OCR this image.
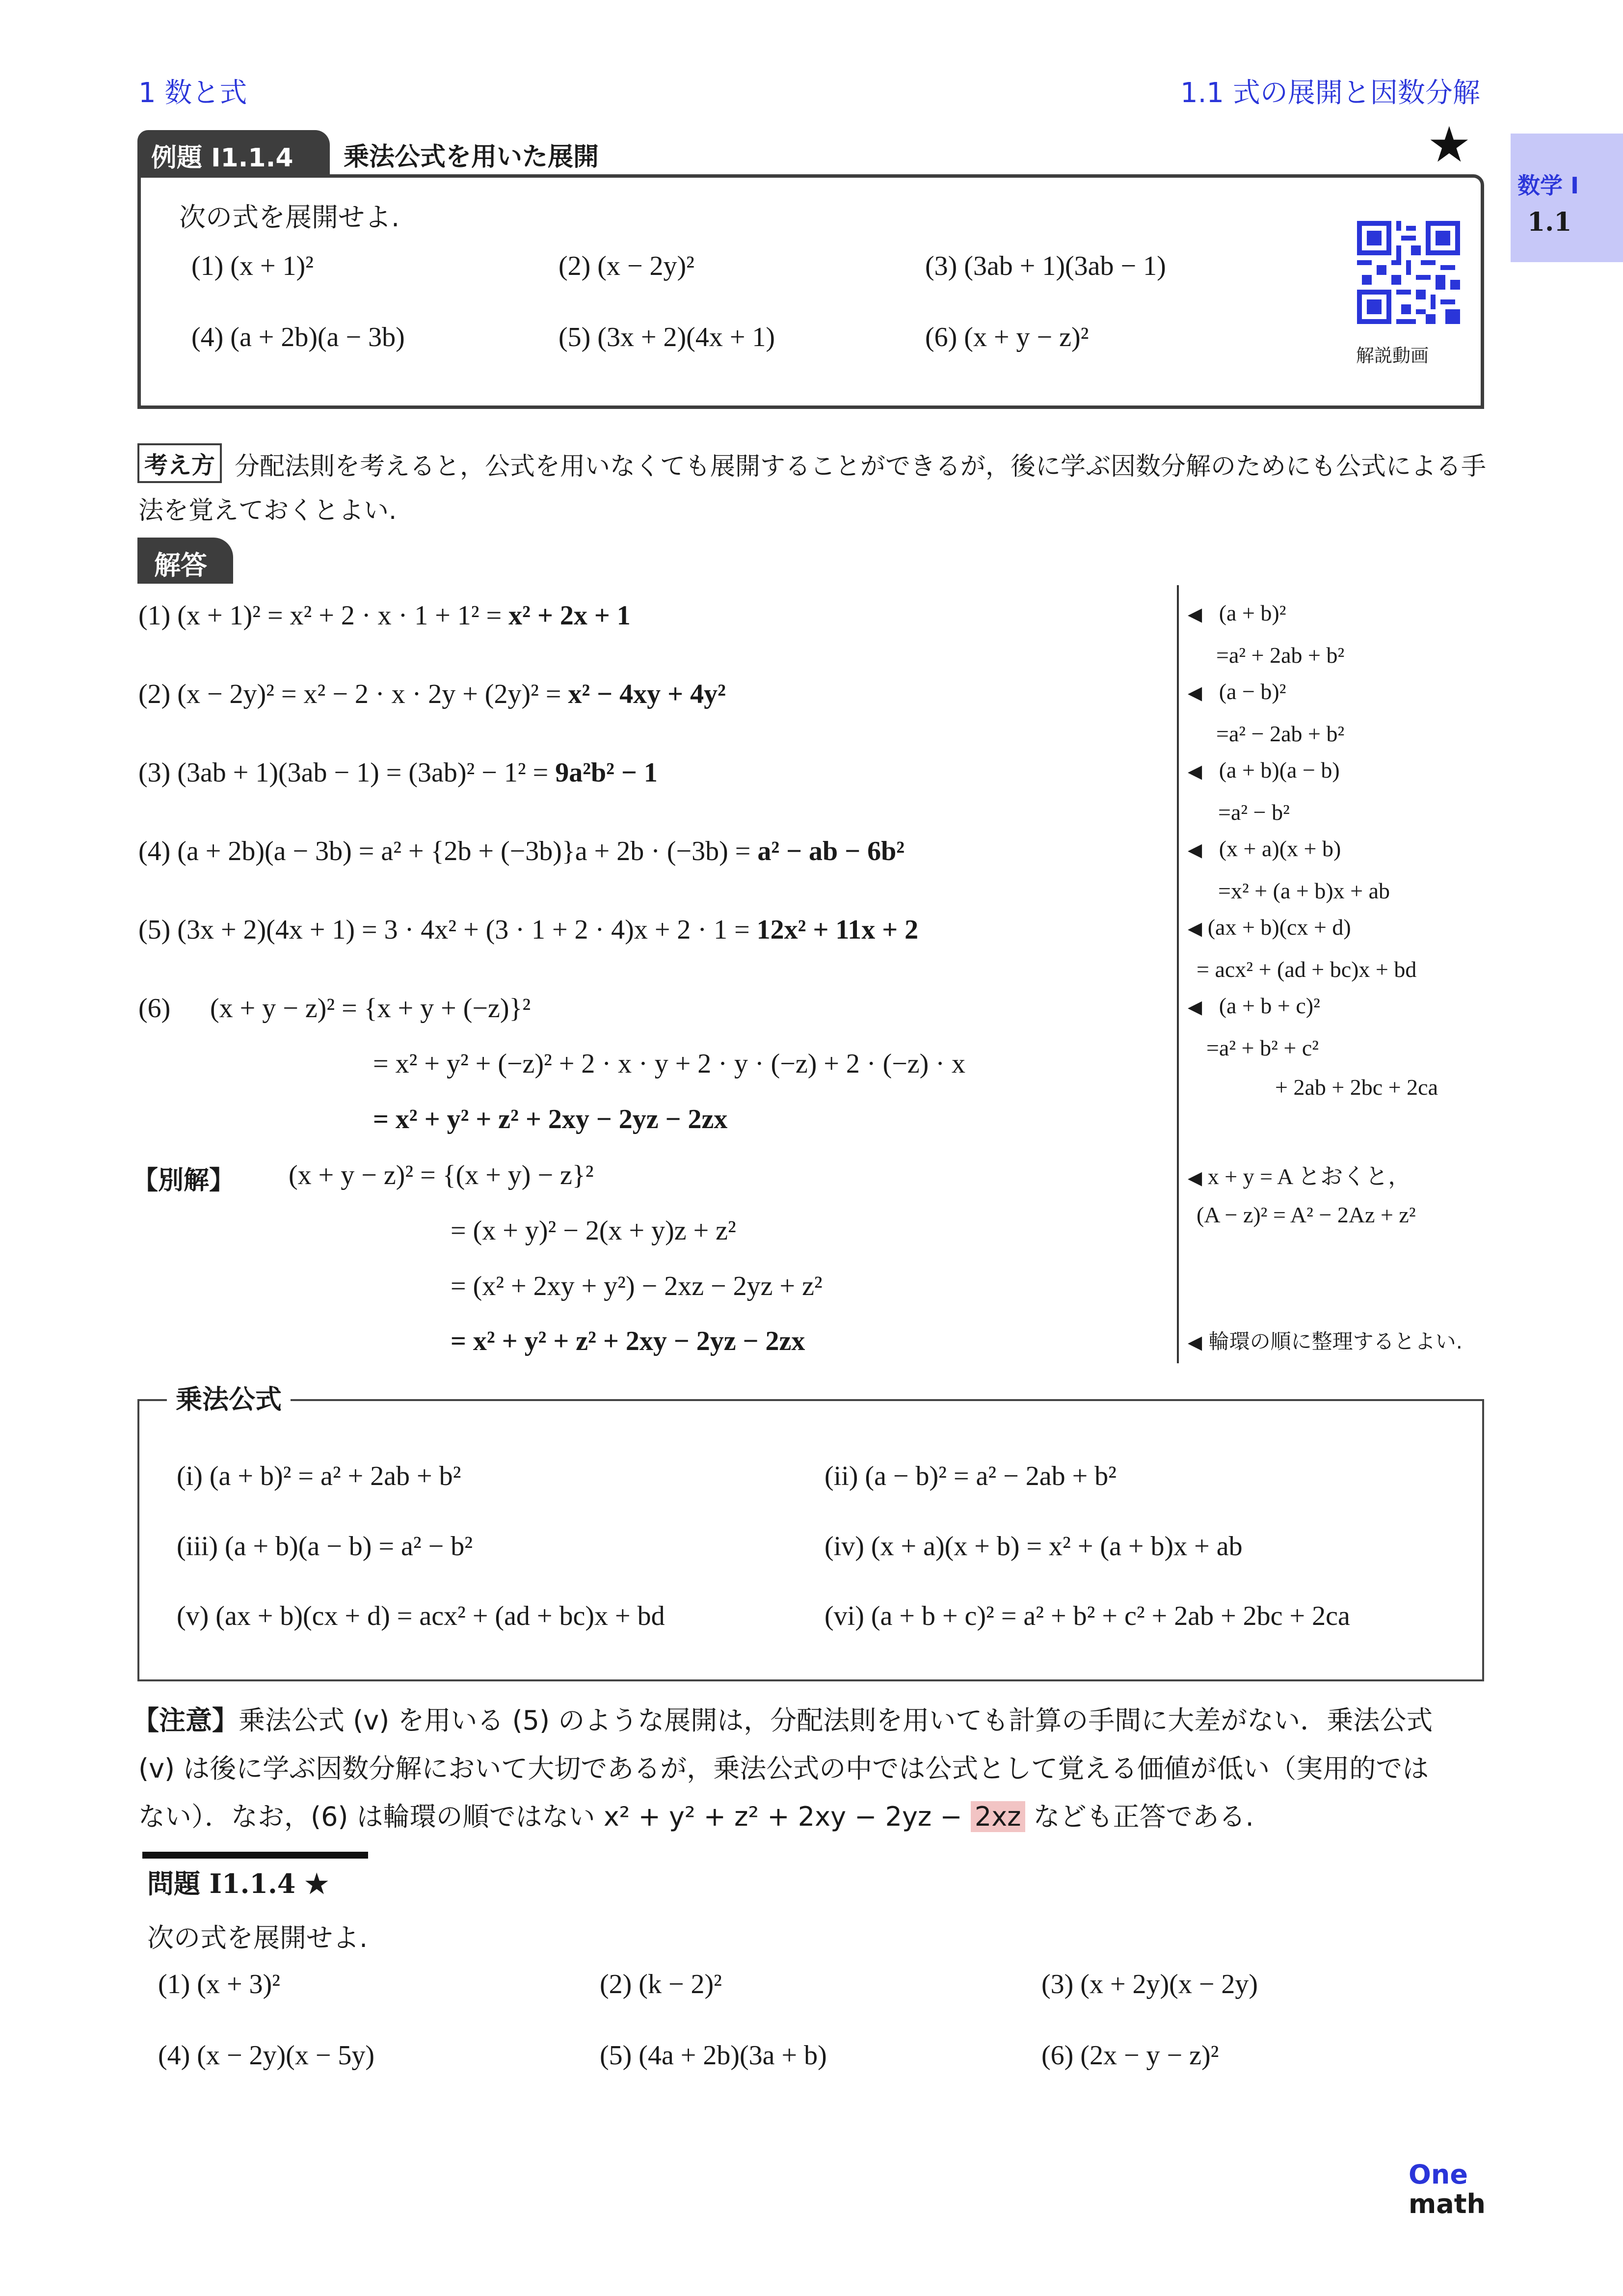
1 数と式	1.1 式の展開と因数分解
数学 I
1.1
例題 I1.1.4 乗法公式を用いた展開	★
次の式を展開せよ.
(1) (x + 1)²	(2) (x − 2y)²	(3) (3ab + 1)(3ab − 1)
(4) (a + 2b)(a − 3b)	(5) (3x + 2)(4x + 1)	(6) (x + y − z)²
解説動画
考え方 分配法則を考えると，公式を用いなくても展開することができるが，後に学ぶ因数分解のためにも公式による手
法を覚えておくとよい.
解答
(1) (x + 1)² = x² + 2 · x · 1 + 1² = x² + 2x + 1
(2) (x − 2y)² = x² − 2 · x · 2y + (2y)² = x² − 4xy + 4y²
(3) (3ab + 1)(3ab − 1) = (3ab)² − 1² = 9a²b² − 1
(4) (a + 2b)(a − 3b) = a² + {2b + (−3b)}a + 2b · (−3b) = a² − ab − 6b²
(5) (3x + 2)(4x + 1) = 3 · 4x² + (3 · 1 + 2 · 4)x + 2 · 1 = 12x² + 11x + 2
(6) (x + y − z)² = {x + y + (−z)}²
= x² + y² + (−z)² + 2 · x · y + 2 · y · (−z) + 2 · (−z) · x
= x² + y² + z² + 2xy − 2yz − 2zx
【別解】 (x + y − z)² = {(x + y) − z}²
= (x + y)² − 2(x + y)z + z²
= (x² + 2xy + y²) − 2xz − 2yz + z²
= x² + y² + z² + 2xy − 2yz − 2zx
◀ (a + b)²
=a² + 2ab + b²
◀ (a − b)²
=a² − 2ab + b²
◀ (a + b)(a − b)
=a² − b²
◀ (x + a)(x + b)
=x² + (a + b)x + ab
◀ (ax + b)(cx + d)
= acx² + (ad + bc)x + bd
◀ (a + b + c)²
=a² + b² + c²
+ 2ab + 2bc + 2ca
◀ x + y = A とおくと，
(A − z)² = A² − 2Az + z²
◀ 輪環の順に整理するとよい.
乗法公式
(i) (a + b)² = a² + 2ab + b²	(ii) (a − b)² = a² − 2ab + b²
(iii) (a + b)(a − b) = a² − b²	(iv) (x + a)(x + b) = x² + (a + b)x + ab
(v) (ax + b)(cx + d) = acx² + (ad + bc)x + bd	(vi) (a + b + c)² = a² + b² + c² + 2ab + 2bc + 2ca
【注意】乗法公式 (v) を用いる (5) のような展開は，分配法則を用いても計算の手間に大差がない．乗法公式
(v) は後に学ぶ因数分解において大切であるが，乗法公式の中では公式として覚える価値が低い（実用的では
ない）．なお，(6) は輪環の順ではない x² + y² + z² + 2xy − 2yz − 2xz なども正答である.
問題 I1.1.4 ★
次の式を展開せよ.
(1) (x + 3)²	(2) (k − 2)²	(3) (x + 2y)(x − 2y)
(4) (x − 2y)(x − 5y)	(5) (4a + 2b)(3a + b)	(6) (2x − y − z)²
One
math
